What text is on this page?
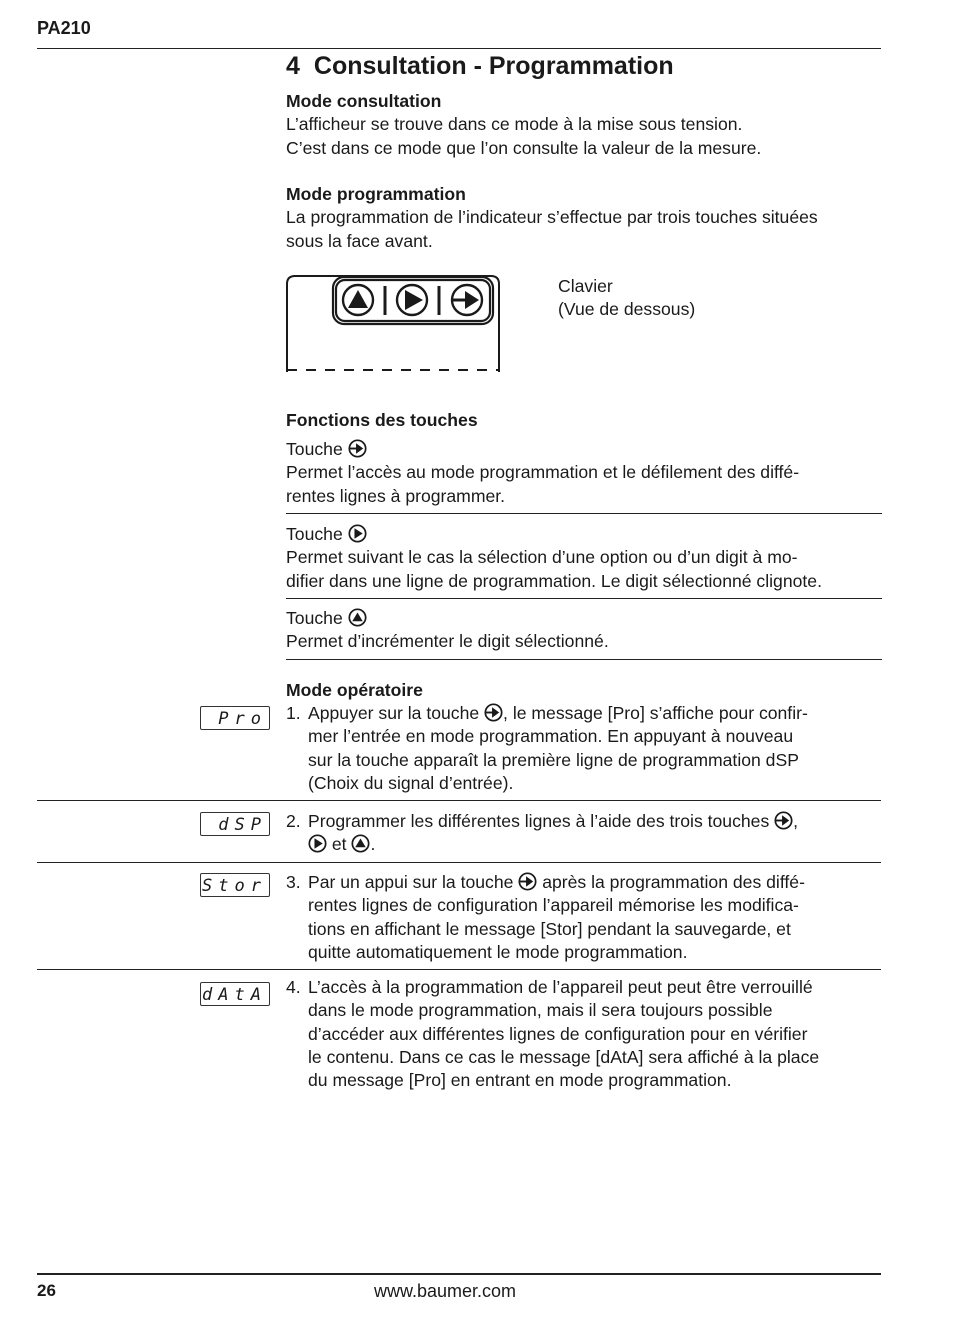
PA210
4 Consultation - Programmation
Mode consultation
L’afficheur se trouve dans ce mode à la mise sous tension.
C’est dans ce mode que l’on consulte la valeur de la mesure.
Mode programmation
La programmation de l’indicateur s’effectue par trois touches situées
sous la face avant.
Clavier
(Vue de dessous)
Fonctions des touches
Touche
Permet l’accès au mode programmation et le défilement des diffé-
rentes lignes à programmer.
Touche
Permet suivant le cas la sélection d’une option ou d’un digit à mo-
difier dans une ligne de programmation. Le digit sélectionné clignote.
Touche
Permet d’incrémenter le digit sélectionné.
Mode opératoire
Pro 1. Appuyer sur la touche , le message [Pro] s’affiche pour confir-
mer l’entrée en mode programmation. En appuyant à nouveau
sur la touche apparaît la première ligne de programmation dSP
(Choix du signal d’entrée).
dSP 2. Programmer les différentes lignes à l’aide des trois touches ,
et .
Stor 3. Par un appui sur la touche après la programmation des diffé-
rentes lignes de configuration l’appareil mémorise les modifica-
tions en affichant le message [Stor] pendant la sauvegarde, et
quitte automatiquement le mode programmation.
dAtA 4. L’accès à la programmation de l’appareil peut peut être verrouillé
dans le mode programmation, mais il sera toujours possible
d’accéder aux différentes lignes de configuration pour en vérifier
le contenu. Dans ce cas le message [dAtA] sera affiché à la place
du message [Pro] en entrant en mode programmation.
26	www.baumer.com
